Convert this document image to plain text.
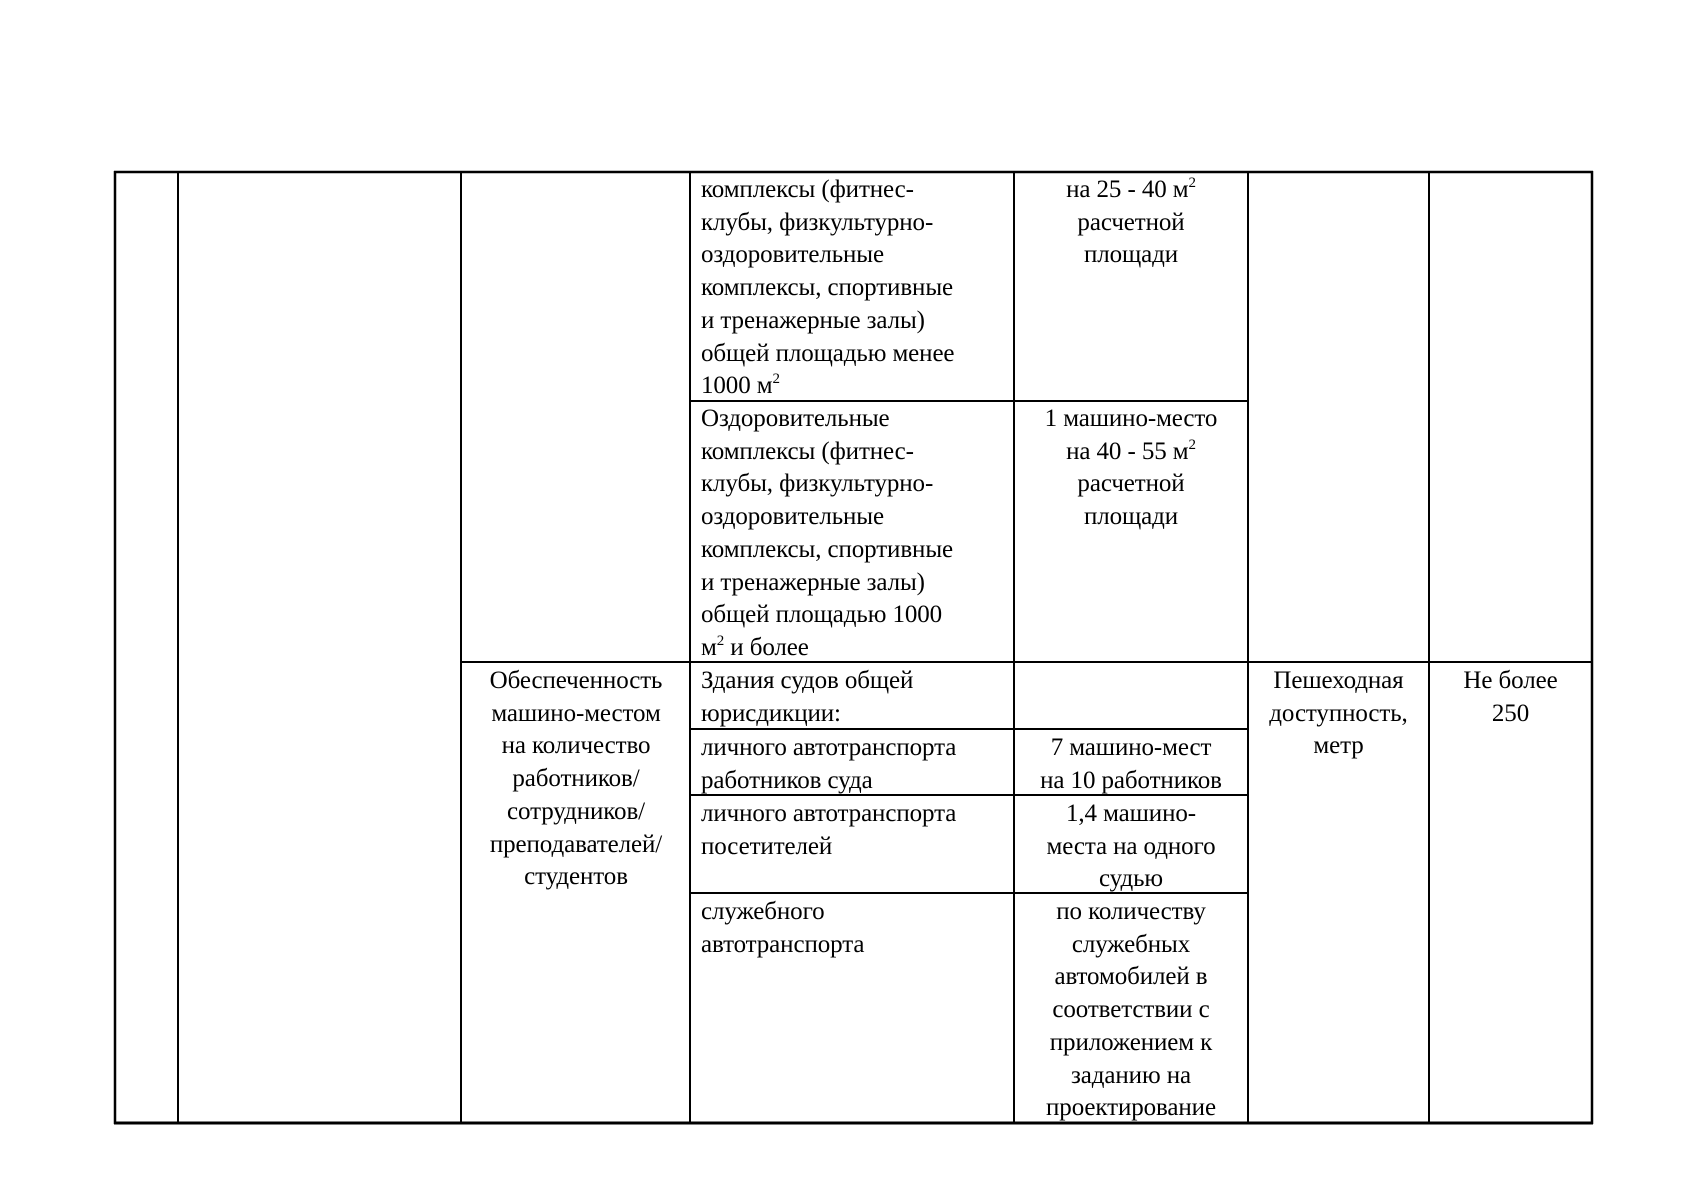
комплексы (фитнес-
клубы, физкультурно-
оздоровительные
комплексы, спортивные
и тренажерные залы)
общей площадью менее
1000 $м^2$
на 25 - 40 $м^2$
расчетной
площади
Оздоровительные
комплексы (фитнес-
клубы, физкультурно-
оздоровительные
комплексы, спортивные
и тренажерные залы)
общей площадью 1000
$м^2$ и более
1 машино-место
на 40 - 55 $м^2$
расчетной
площади
Обеспеченность
машино-местом
на количество
работников/
сотрудников/
преподавателей/
студентов
Здания судов общей
юрисдикции:
Пешеходная
доступность,
метр
Не более
250
личного автотранспорта
работников суда
7 машино-мест
на 10 работников
личного автотранспорта
посетителей
1,4 машино-
места на одного
судью
служебного
автотранспорта
по количеству
служебных
автомобилей в
соответствии с
приложением к
заданию на
проектирование
